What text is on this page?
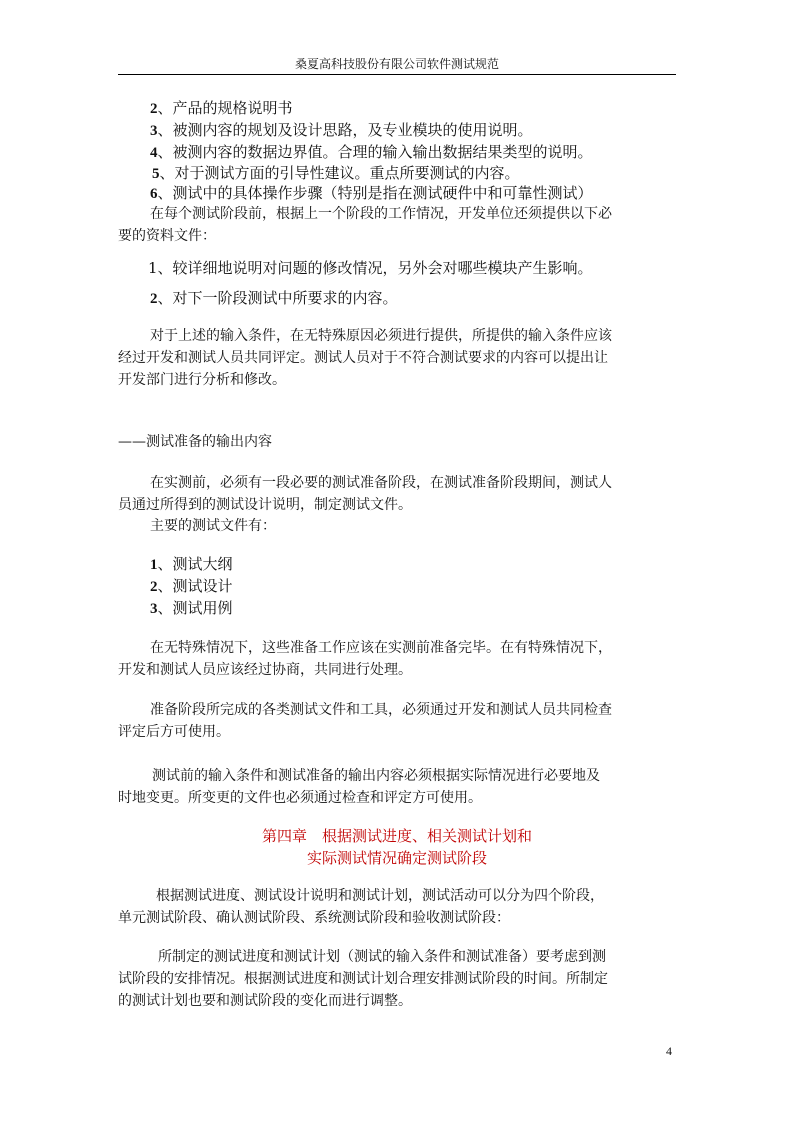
桑夏高科技股份有限公司软件测试规范
2、产品的规格说明书
3、被测内容的规划及设计思路，及专业模块的使用说明。
4、被测内容的数据边界值。合理的输入输出数据结果类型的说明。
5、对于测试方面的引导性建议。重点所要测试的内容。
6、测试中的具体操作步骤（特别是指在测试硬件中和可靠性测试）
在每个测试阶段前，根据上一个阶段的工作情况，开发单位还须提供以下必
要的资料文件：
1、较详细地说明对问题的修改情况，另外会对哪些模块产生影响。
2、对下一阶段测试中所要求的内容。
对于上述的输入条件，在无特殊原因必须进行提供，所提供的输入条件应该
经过开发和测试人员共同评定。测试人员对于不符合测试要求的内容可以提出让
开发部门进行分析和修改。
——测试准备的输出内容
在实测前，必须有一段必要的测试准备阶段，在测试准备阶段期间，测试人
员通过所得到的测试设计说明，制定测试文件。
主要的测试文件有：
1、测试大纲
2、测试设计
3、测试用例
在无特殊情况下，这些准备工作应该在实测前准备完毕。在有特殊情况下，
开发和测试人员应该经过协商，共同进行处理。
准备阶段所完成的各类测试文件和工具，必须通过开发和测试人员共同检查
评定后方可使用。
测试前的输入条件和测试准备的输出内容必须根据实际情况进行必要地及
时地变更。所变更的文件也必须通过检查和评定方可使用。
第四章　根据测试进度、相关测试计划和
实际测试情况确定测试阶段
根据测试进度、测试设计说明和测试计划，测试活动可以分为四个阶段，
单元测试阶段、确认测试阶段、系统测试阶段和验收测试阶段：
所制定的测试进度和测试计划（测试的输入条件和测试准备）要考虑到测
试阶段的安排情况。根据测试进度和测试计划合理安排测试阶段的时间。所制定
的测试计划也要和测试阶段的变化而进行调整。
4
